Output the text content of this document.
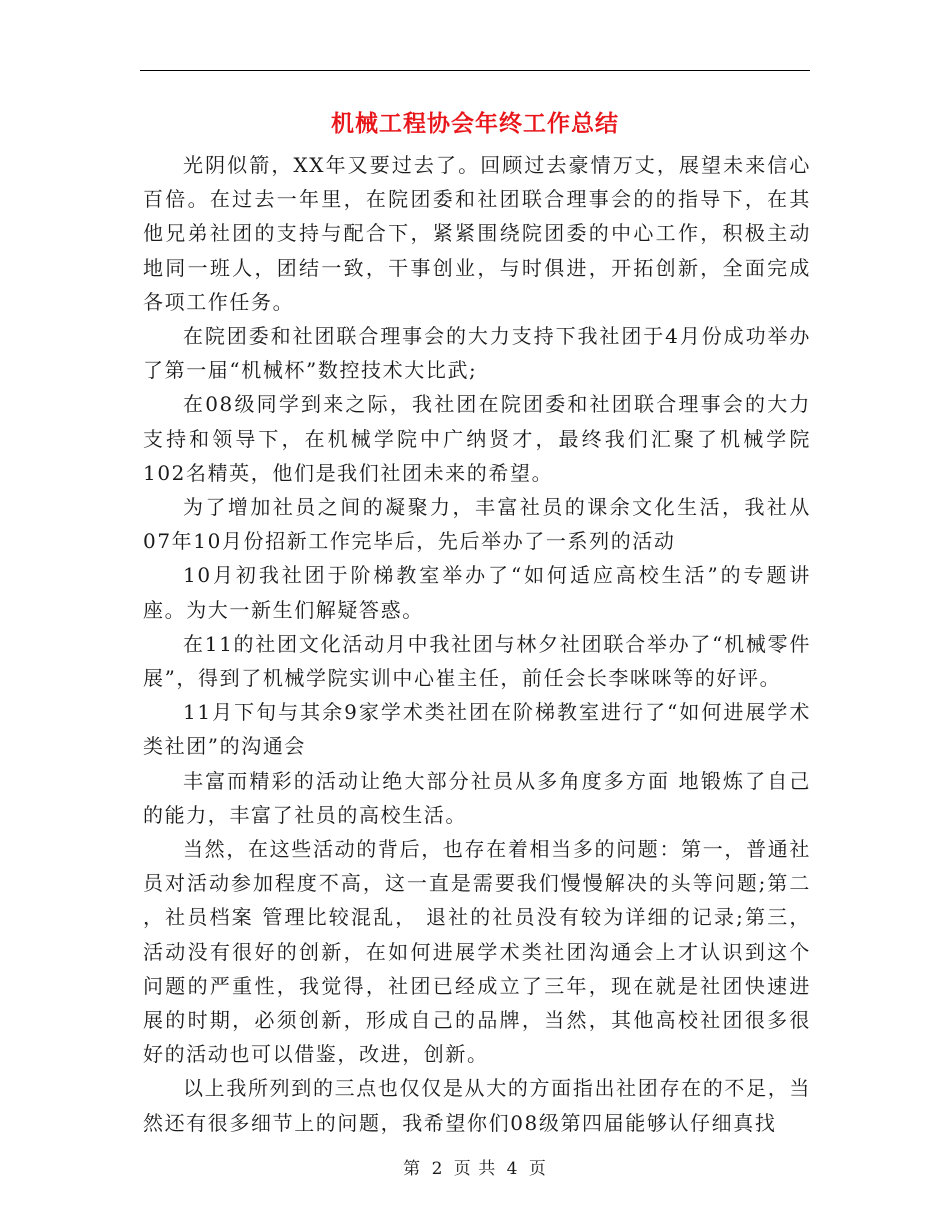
机械工程协会年终工作总结

光阴似箭，XX年又要过去了。回顾过去豪情万丈，展望未来信心百倍。在过去一年里，在院团委和社团联合理事会的的指导下，在其他兄弟社团的支持与配合下，紧紧围绕院团委的中心工作，积极主动地同一班人，团结一致，干事创业，与时俱进，开拓创新，全面完成各项工作任务。

在院团委和社团联合理事会的大力支持下我社团于4月份成功举办了第一届“机械杯”数控技术大比武;

在08级同学到来之际，我社团在院团委和社团联合理事会的大力支持和领导下，在机械学院中广纳贤才，最终我们汇聚了机械学院102名精英，他们是我们社团未来的希望。

为了增加社员之间的凝聚力，丰富社员的课余文化生活，我社从07年10月份招新工作完毕后，先后举办了一系列的活动

10月初我社团于阶梯教室举办了“如何适应高校生活”的专题讲座。为大一新生们解疑答惑。

在11的社团文化活动月中我社团与林夕社团联合举办了“机械零件展”，得到了机械学院实训中心崔主任，前任会长李咪咪等的好评。

11月下旬与其余9家学术类社团在阶梯教室进行了“如何进展学术类社团”的沟通会

丰富而精彩的活动让绝大部分社员从多角度多方面 地锻炼了自己的能力，丰富了社员的高校生活。

当然，在这些活动的背后，也存在着相当多的问题：第一，普通社员对活动参加程度不高，这一直是需要我们慢慢解决的头等问题;第二 ，社员档案 管理比较混乱， 退社的社员没有较为详细的记录;第三，活动没有很好的创新，在如何进展学术类社团沟通会上才认识到这个问题的严重性，我觉得，社团已经成立了三年，现在就是社团快速进展的时期，必须创新，形成自己的品牌，当然，其他高校社团很多很好的活动也可以借鉴，改进，创新。

以上我所列到的三点也仅仅是从大的方面指出社团存在的不足，当然还有很多细节上的问题，我希望你们08级第四届能够认仔细真找

第 2 页 共 4 页
